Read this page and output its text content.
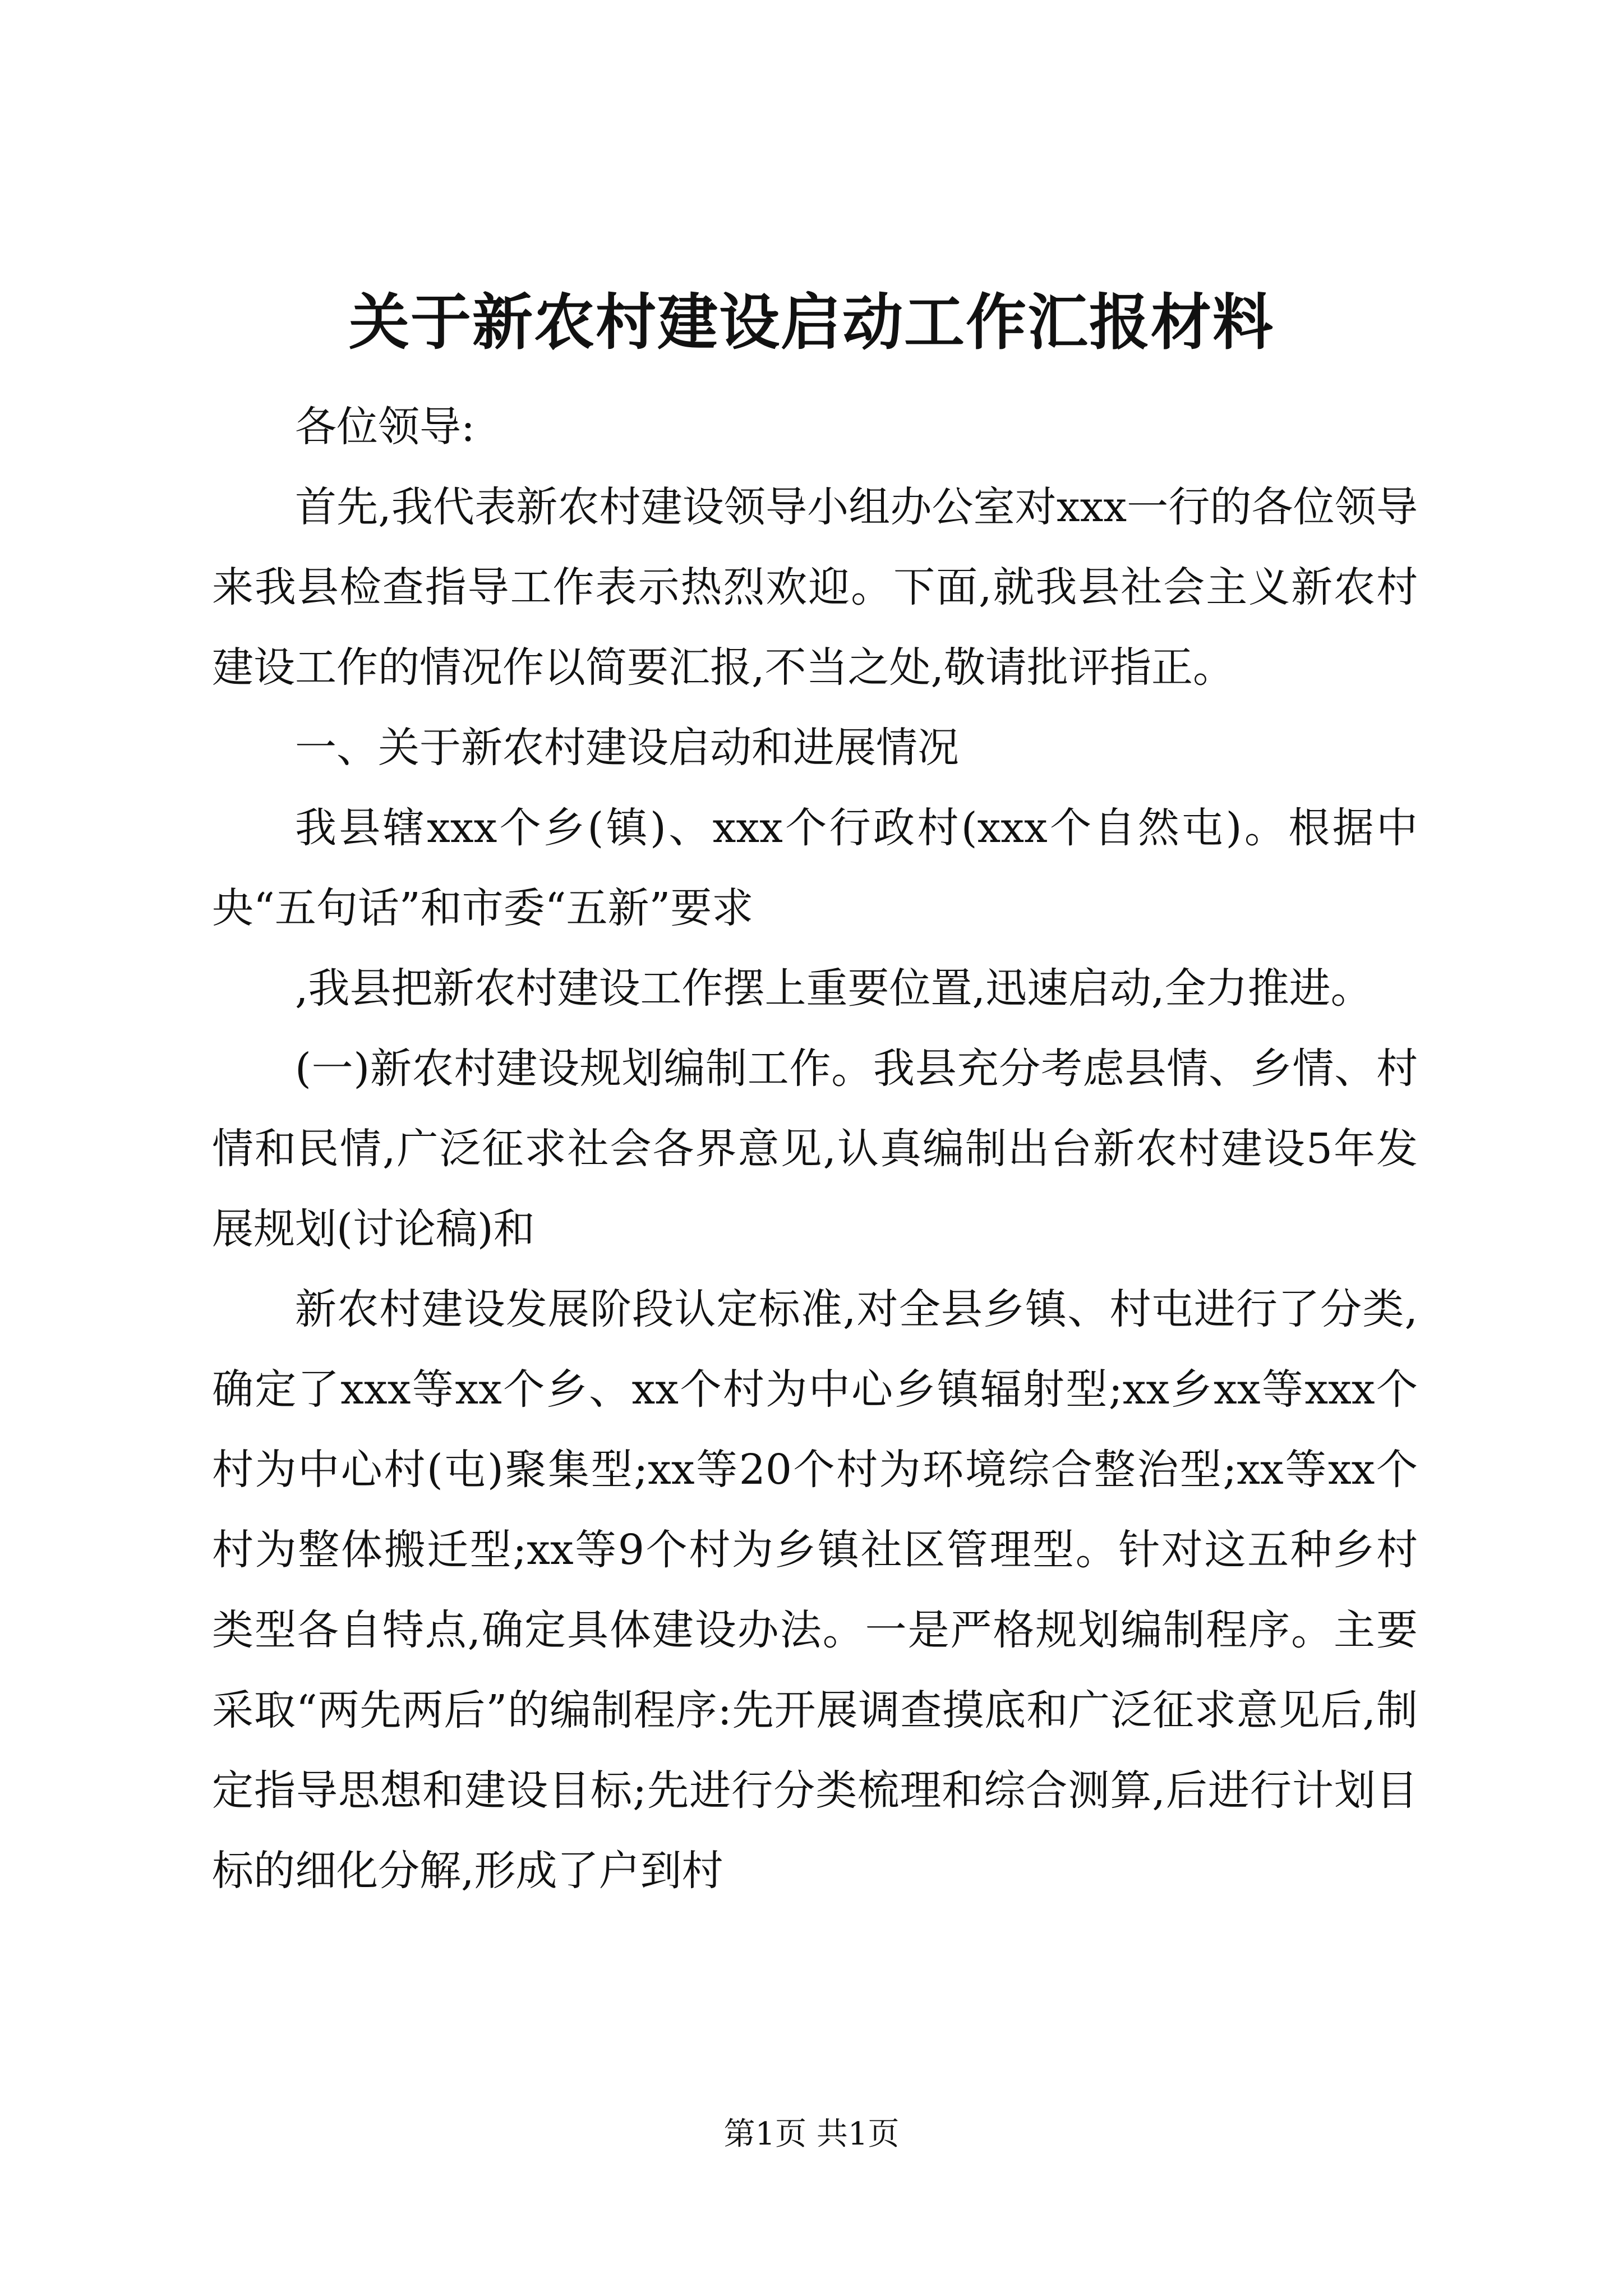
关于新农村建设启动工作汇报材料

各位领导:

首先,我代表新农村建设领导小组办公室对xxx一行的各位领导来我县检查指导工作表示热烈欢迎。下面,就我县社会主义新农村建设工作的情况作以简要汇报,不当之处,敬请批评指正。

一、关于新农村建设启动和进展情况

我县辖xxx个乡(镇)、xxx个行政村(xxx个自然屯)。根据中央“五句话”和市委“五新”要求

,我县把新农村建设工作摆上重要位置,迅速启动,全力推进。

(一)新农村建设规划编制工作。我县充分考虑县情、乡情、村情和民情,广泛征求社会各界意见,认真编制出台新农村建设5年发展规划(讨论稿)和

新农村建设发展阶段认定标准,对全县乡镇、村屯进行了分类,确定了xxx等xx个乡、xx个村为中心乡镇辐射型;xx乡xx等xxx个村为中心村(屯)聚集型;xx等20个村为环境综合整治型;xx等xx个村为整体搬迁型;xx等9个村为乡镇社区管理型。针对这五种乡村类型各自特点,确定具体建设办法。一是严格规划编制程序。主要采取“两先两后”的编制程序:先开展调查摸底和广泛征求意见后,制定指导思想和建设目标;先进行分类梳理和综合测算,后进行计划目标的细化分解,形成了户到村

第1页 共1页
